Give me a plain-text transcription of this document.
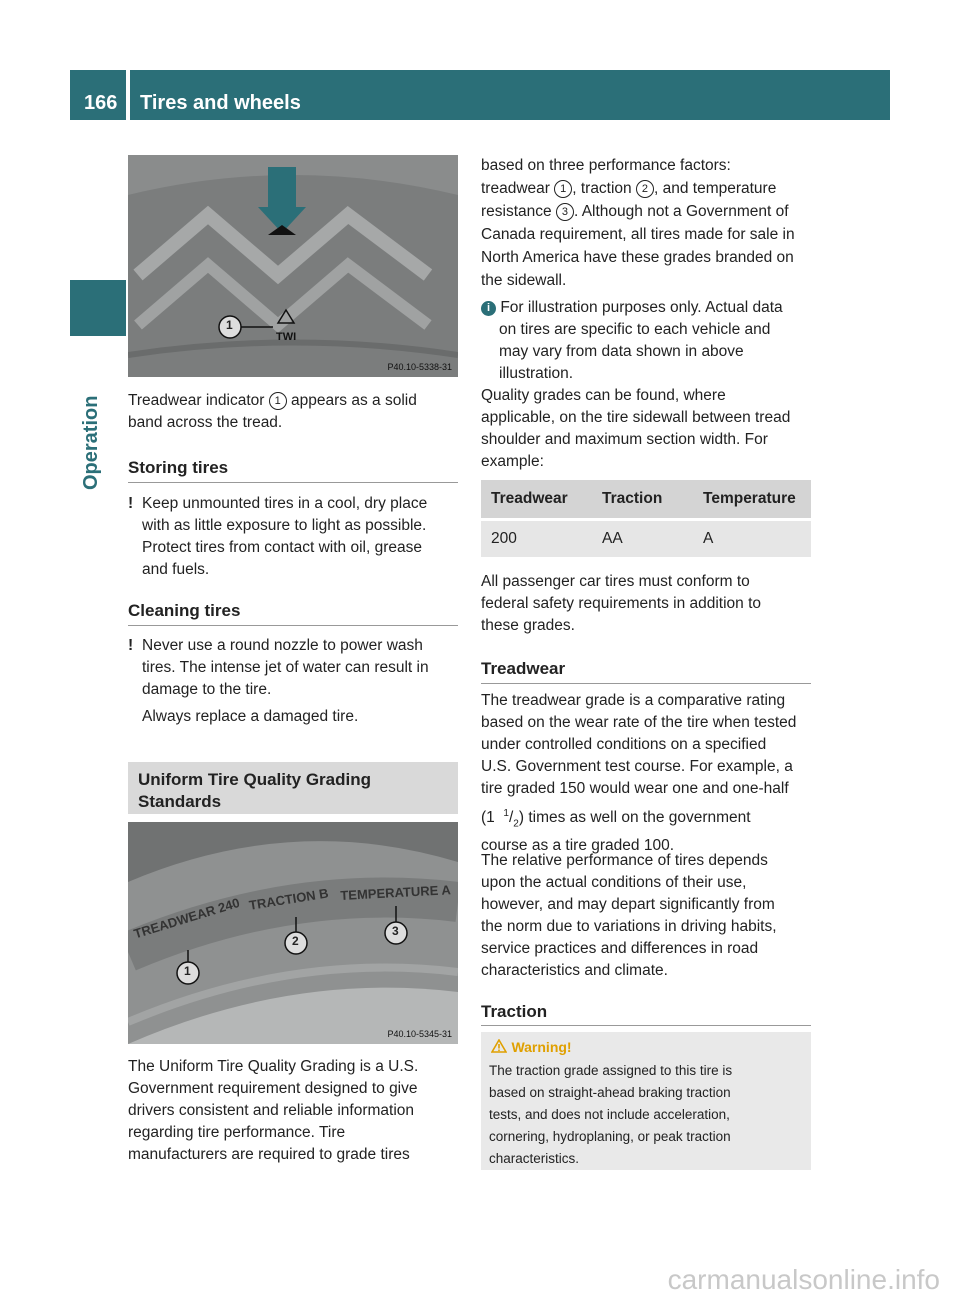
166 Tires and wheels
Operation
1
TWI
P40.10-5338-31
Treadwear indicator 1 appears as a solid
band across the tread.
Storing tires
! Keep unmounted tires in a cool, dry place
with as little exposure to light as possible.
Protect tires from contact with oil, grease
and fuels.
Cleaning tires
! Never use a round nozzle to power wash
tires. The intense jet of water can result in
damage to the tire.
Always replace a damaged tire.
Uniform Tire Quality Grading
Standards
TREADWEAR 240 TRACTION B TEMPERATURE A
1
2
3
P40.10-5345-31
The Uniform Tire Quality Grading is a U.S.
Government requirement designed to give
drivers consistent and reliable information
regarding tire performance. Tire
manufacturers are required to grade tires
based on three performance factors:
treadwear 1 , traction 2 , and temperature
resistance 3 . Although not a Government of
Canada requirement, all tires made for sale in
North America have these grades branded on
the sidewall.
i For illustration purposes only. Actual data
on tires are specific to each vehicle and
may vary from data shown in above
illustration.
Quality grades can be found, where
applicable, on the tire sidewall between tread
shoulder and maximum section width. For
example:
Treadwear	Traction	Temperature
200	AA	A
All passenger car tires must conform to
federal safety requirements in addition to
these grades.
Treadwear
The treadwear grade is a comparative rating
based on the wear rate of the tire when tested
under controlled conditions on a specified
U.S. Government test course. For example, a
tire graded 150 would wear one and one-half
(1 $^1/_2$) times as well on the government
course as a tire graded 100.
The relative performance of tires depends
upon the actual conditions of their use,
however, and may depart significantly from
the norm due to variations in driving habits,
service practices and differences in road
characteristics and climate.
Traction
Warning!
The traction grade assigned to this tire is
based on straight-ahead braking traction
tests, and does not include acceleration,
cornering, hydroplaning, or peak traction
characteristics.
carmanualsonline.info
